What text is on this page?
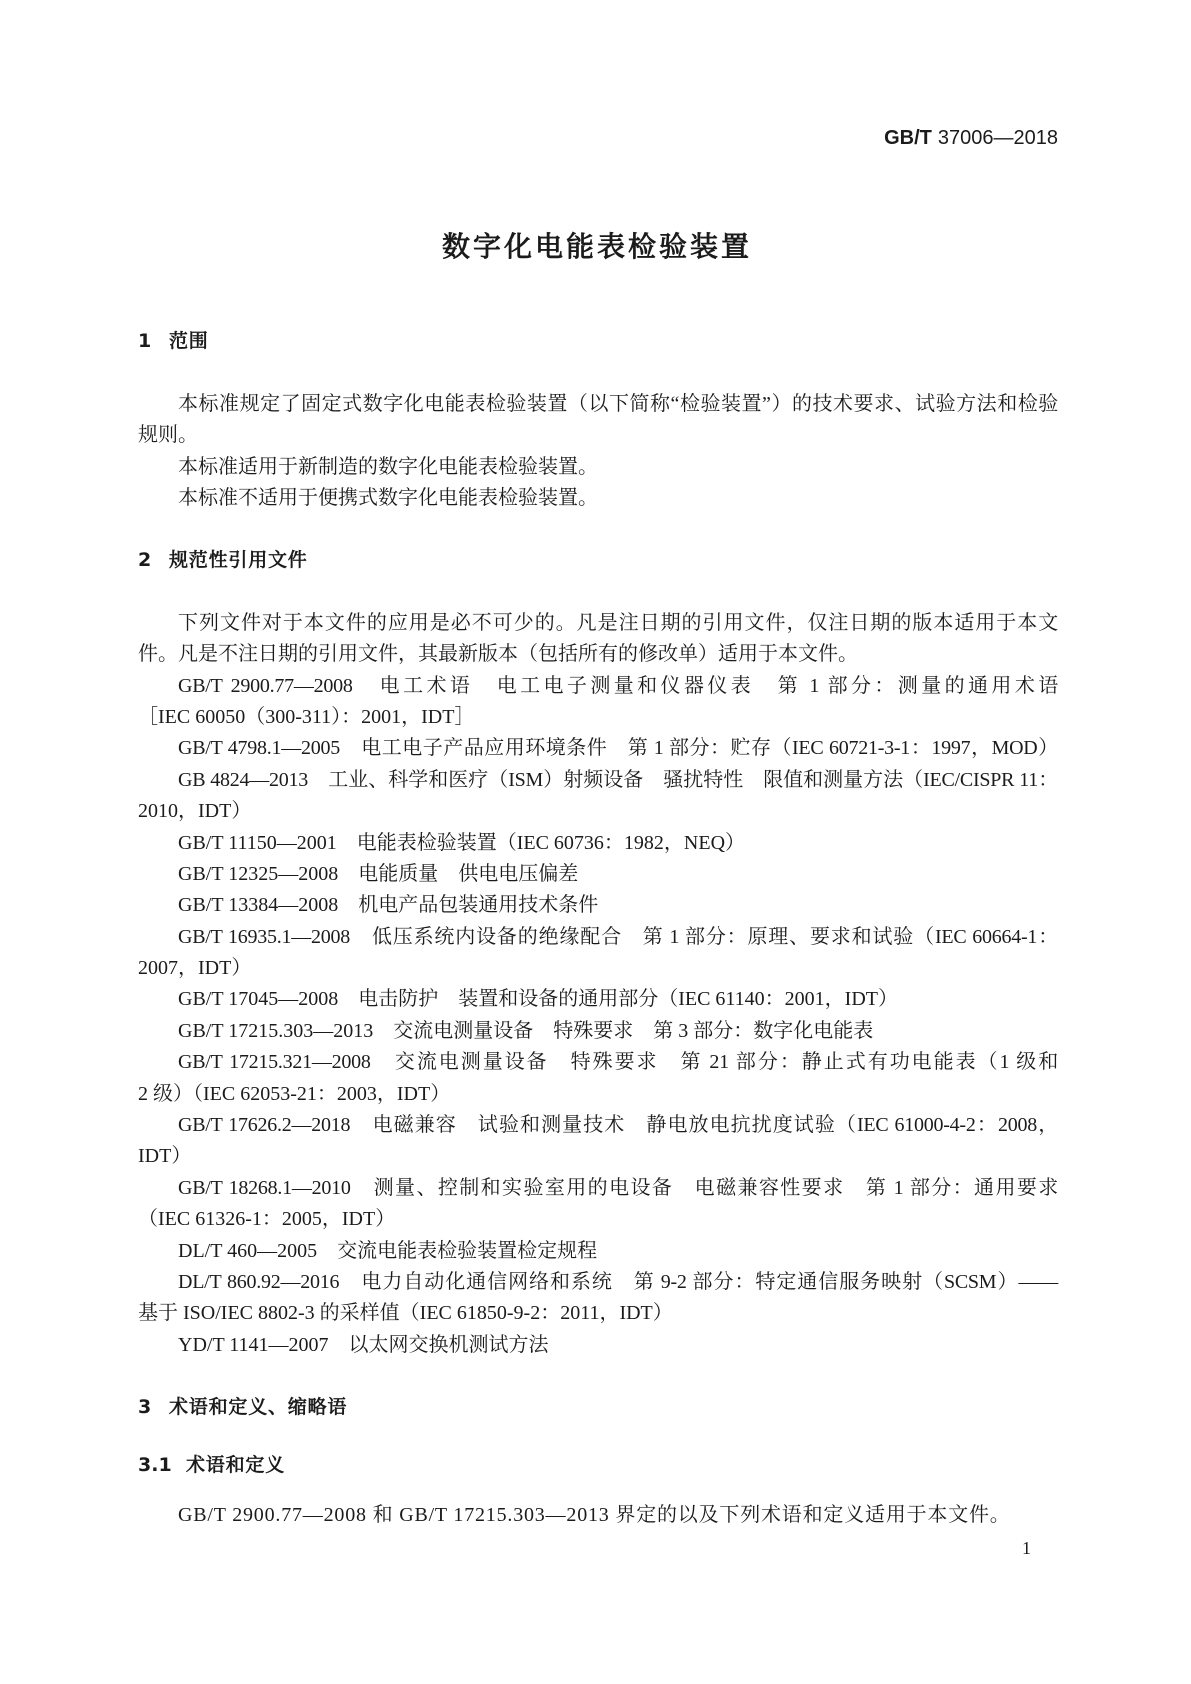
GB/T 37006—2018
数字化电能表检验装置
1 范围
本标准规定了固定式数字化电能表检验装置（以下简称“检验装置”）的技术要求、试验方法和检验
规则。
本标准适用于新制造的数字化电能表检验装置。
本标准不适用于便携式数字化电能表检验装置。
2 规范性引用文件
下列文件对于本文件的应用是必不可少的。凡是注日期的引用文件，仅注日期的版本适用于本文
件。凡是不注日期的引用文件，其最新版本（包括所有的修改单）适用于本文件。
GB/T 2900.77—2008　电工术语　电工电子测量和仪器仪表　第 1 部分：测量的通用术语
［IEC 60050（300-311）：2001，IDT］
GB/T 4798.1—2005　电工电子产品应用环境条件　第 1 部分：贮存（IEC 60721-3-1：1997，MOD）
GB 4824—2013　工业、科学和医疗（ISM）射频设备　骚扰特性　限值和测量方法（IEC/CISPR 11：
2010，IDT）
GB/T 11150—2001　电能表检验装置（IEC 60736：1982，NEQ）
GB/T 12325—2008　电能质量　供电电压偏差
GB/T 13384—2008　机电产品包装通用技术条件
GB/T 16935.1—2008　低压系统内设备的绝缘配合　第 1 部分：原理、要求和试验（IEC 60664-1：
2007，IDT）
GB/T 17045—2008　电击防护　装置和设备的通用部分（IEC 61140：2001，IDT）
GB/T 17215.303—2013　交流电测量设备　特殊要求　第 3 部分：数字化电能表
GB/T 17215.321—2008　交流电测量设备　特殊要求　第 21 部分：静止式有功电能表（1 级和
2 级）（IEC 62053-21：2003，IDT）
GB/T 17626.2—2018　电磁兼容　试验和测量技术　静电放电抗扰度试验（IEC 61000-4-2：2008，
IDT）
GB/T 18268.1—2010　测量、控制和实验室用的电设备　电磁兼容性要求　第 1 部分：通用要求
（IEC 61326-1：2005，IDT）
DL/T 460—2005　交流电能表检验装置检定规程
DL/T 860.92—2016　电力自动化通信网络和系统　第 9-2 部分：特定通信服务映射（SCSM）——
基于 ISO/IEC 8802-3 的采样值（IEC 61850-9-2：2011，IDT）
YD/T 1141—2007　以太网交换机测试方法
3 术语和定义、缩略语
3.1 术语和定义
GB/T 2900.77—2008 和 GB/T 17215.303—2013 界定的以及下列术语和定义适用于本文件。
1
